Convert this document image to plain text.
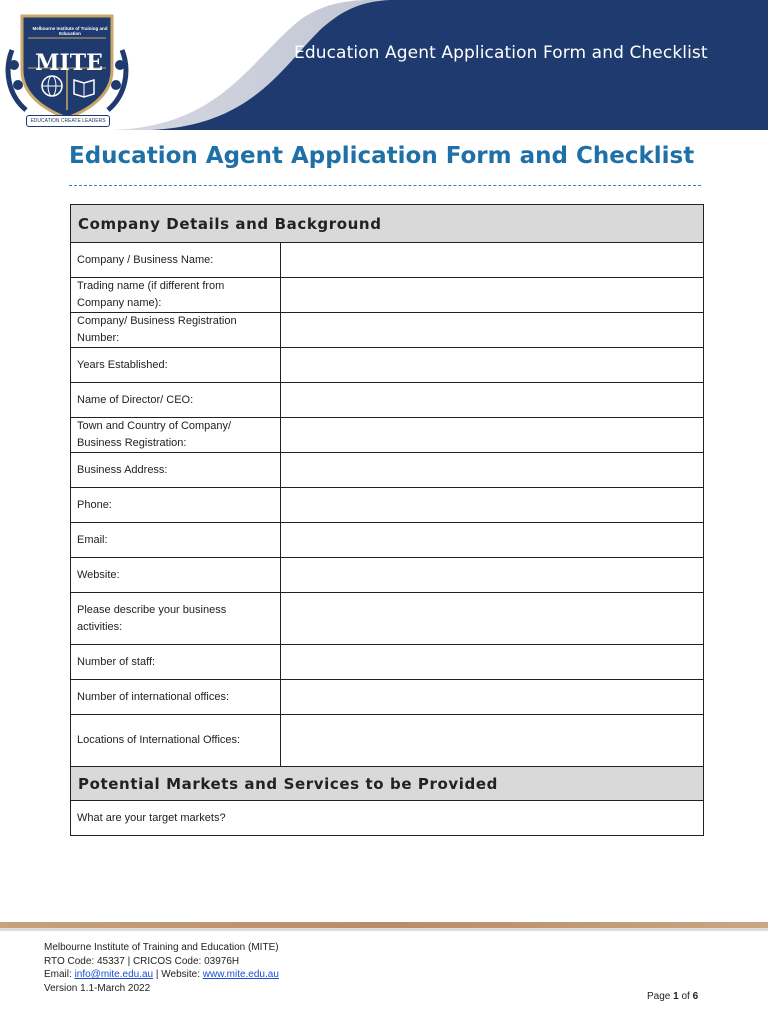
Education Agent Application Form and Checklist
Melbourne Institute of Training and Education
MITE
EDUCATION CREATE LEADERS
Education Agent Application Form and Checklist
Company Details and Background
Company / Business Name:
Trading name (if different from Company name):
Company/ Business Registration Number:
Years Established:
Name of Director/ CEO:
Town and Country of Company/ Business Registration:
Business Address:
Phone:
Email:
Website:
Please describe your business activities:
Number of staff:
Number of international offices:
Locations of International Offices:
Potential Markets and Services to be Provided
What are your target markets?
Melbourne Institute of Training and Education (MITE)
RTO Code: 45337 | CRICOS Code: 03976H
Email: info@mite.edu.au | Website: www.mite.edu.au
Version 1.1-March 2022
Page 1 of 6
